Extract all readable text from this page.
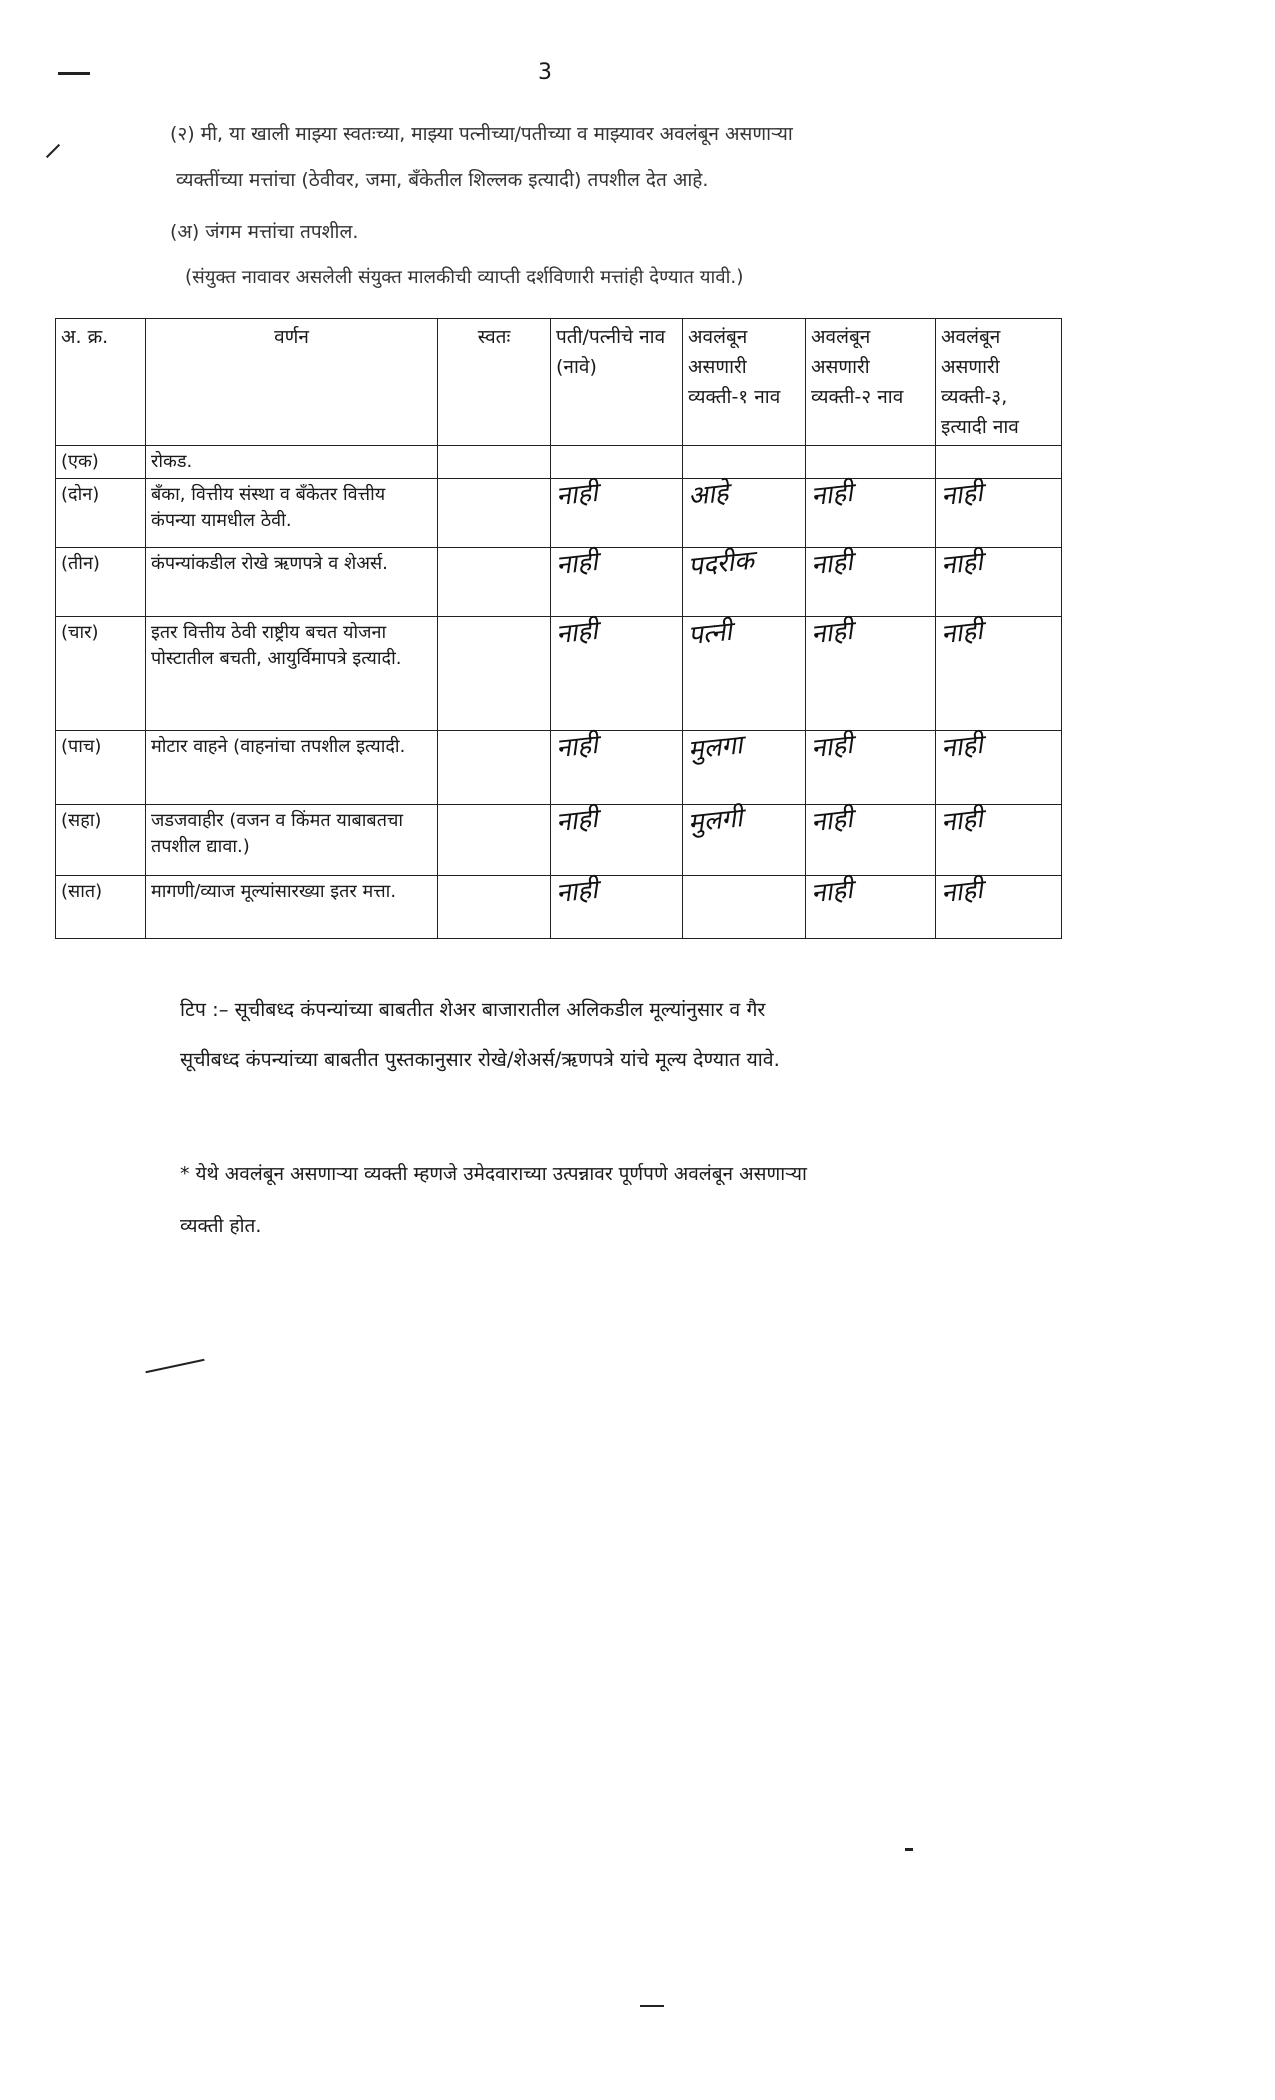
3
(२) मी, या खाली माझ्या स्वतःच्या, माझ्या पत्नीच्या/पतीच्या व माझ्यावर अवलंबून असणाऱ्या
व्यक्तींच्या मत्तांचा (ठेवीवर, जमा, बँकेतील शिल्लक इत्यादी) तपशील देत आहे.
(अ) जंगम मत्तांचा तपशील.
(संयुक्त नावावर असलेली संयुक्त मालकीची व्याप्ती दर्शविणारी मत्तांही देण्यात यावी.)
अ. क्र.	वर्णन	स्वतः	पती/पत्नीचे नाव (नावे)	अवलंबून असणारी व्यक्ती-१ नाव	अवलंबून असणारी व्यक्ती-२ नाव	अवलंबून असणारी व्यक्ती-३, इत्यादी नाव
(एक)	रोकड.					
(दोन)	बँका, वित्तीय संस्था व बँकेतर वित्तीय कंपन्या यामधील ठेवी.		नाही	आहे	नाही	नाही
(तीन)	कंपन्यांकडील रोखे ऋणपत्रे व शेअर्स.		नाही	पदरीक	नाही	नाही
(चार)	इतर वित्तीय ठेवी राष्ट्रीय बचत योजना पोस्टातील बचती, आयुर्विमापत्रे इत्यादी.		नाही	पत्नी	नाही	नाही
(पाच)	मोटार वाहने (वाहनांचा तपशील इत्यादी.		नाही	मुलगा	नाही	नाही
(सहा)	जडजवाहीर (वजन व किंमत याबाबतचा तपशील द्यावा.)		नाही	मुलगी	नाही	नाही
(सात)	मागणी/व्याज मूल्यांसारख्या इतर मत्ता.		नाही		नाही	नाही
टिप :– सूचीबध्द कंपन्यांच्या बाबतीत शेअर बाजारातील अलिकडील मूल्यांनुसार व गैर
सूचीबध्द कंपन्यांच्या बाबतीत पुस्तकानुसार रोखे/शेअर्स/ऋणपत्रे यांचे मूल्य देण्यात यावे.
* येथे अवलंबून असणाऱ्या व्यक्ती म्हणजे उमेदवाराच्या उत्पन्नावर पूर्णपणे अवलंबून असणाऱ्या
व्यक्ती होत.
